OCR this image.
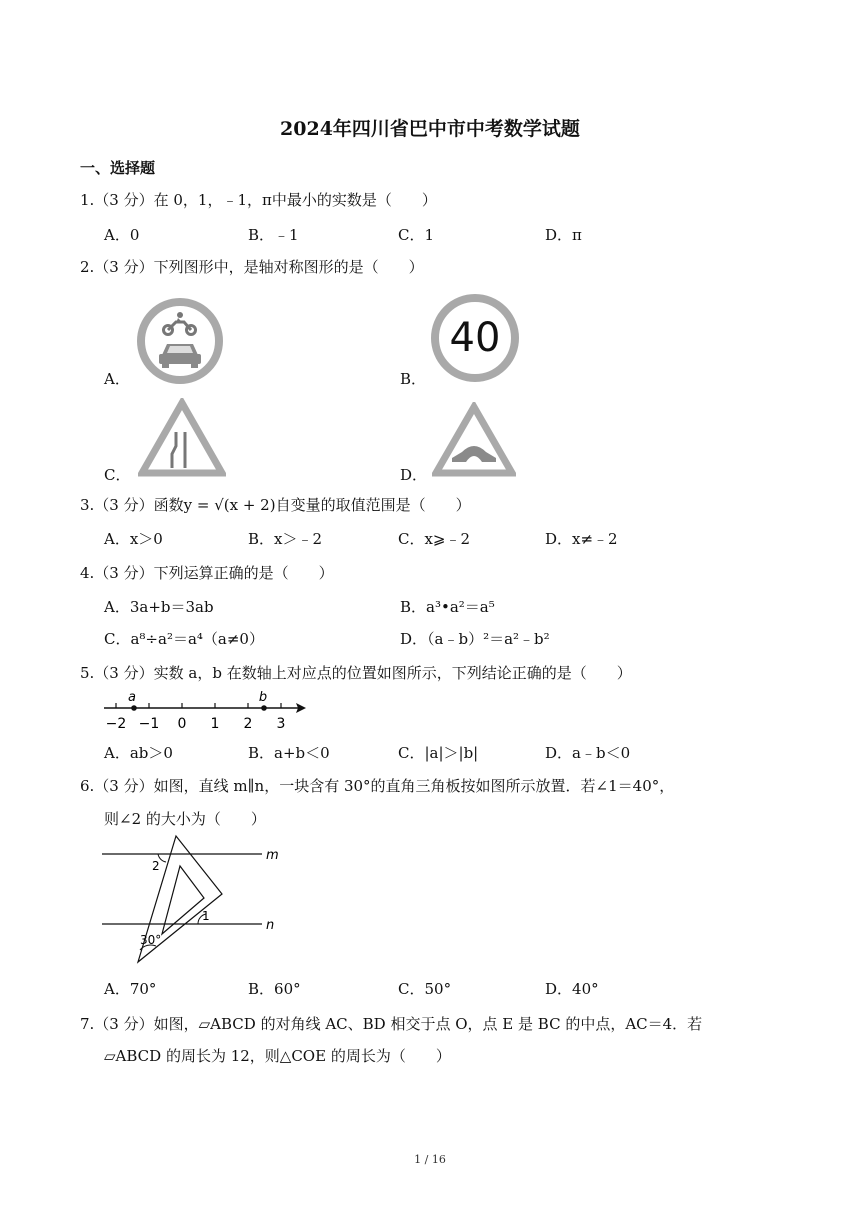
2024年四川省巴中市中考数学试题
一、选择题
1.（3 分）在 0，1，﹣1，π中最小的实数是（　　）
A．0	B．﹣1	C．1	D．π
2.（3 分）下列图形中，是轴对称图形的是（　　）
A．	B．
40
C．	D．
3.（3 分）函数y = √(x + 2)自变量的取值范围是（　　）
A．x＞0	B．x＞﹣2	C．x⩾﹣2	D．x≠﹣2
4.（3 分）下列运算正确的是（　　）
A．3a+b＝3ab	B．a³•a²＝a⁵
C．a⁸÷a²＝a⁴（a≠0）	D．（a﹣b）²＝a²﹣b²
5.（3 分）实数 a，b 在数轴上对应点的位置如图所示，下列结论正确的是（　　）
−2 −1 0 1 2 3
a	b
A．ab＞0	B．a+b＜0	C．|a|＞|b|	D．a﹣b＜0
6.（3 分）如图，直线 m∥n，一块含有 30°的直角三角板按如图所示放置．若∠1＝40°，
则∠2 的大小为（　　）
m
n
2
1
30°
A．70°	B．60°	C．50°	D．40°
7.（3 分）如图，▱ABCD 的对角线 AC、BD 相交于点 O，点 E 是 BC 的中点，AC＝4．若
▱ABCD 的周长为 12，则△COE 的周长为（　　）
1 / 16
